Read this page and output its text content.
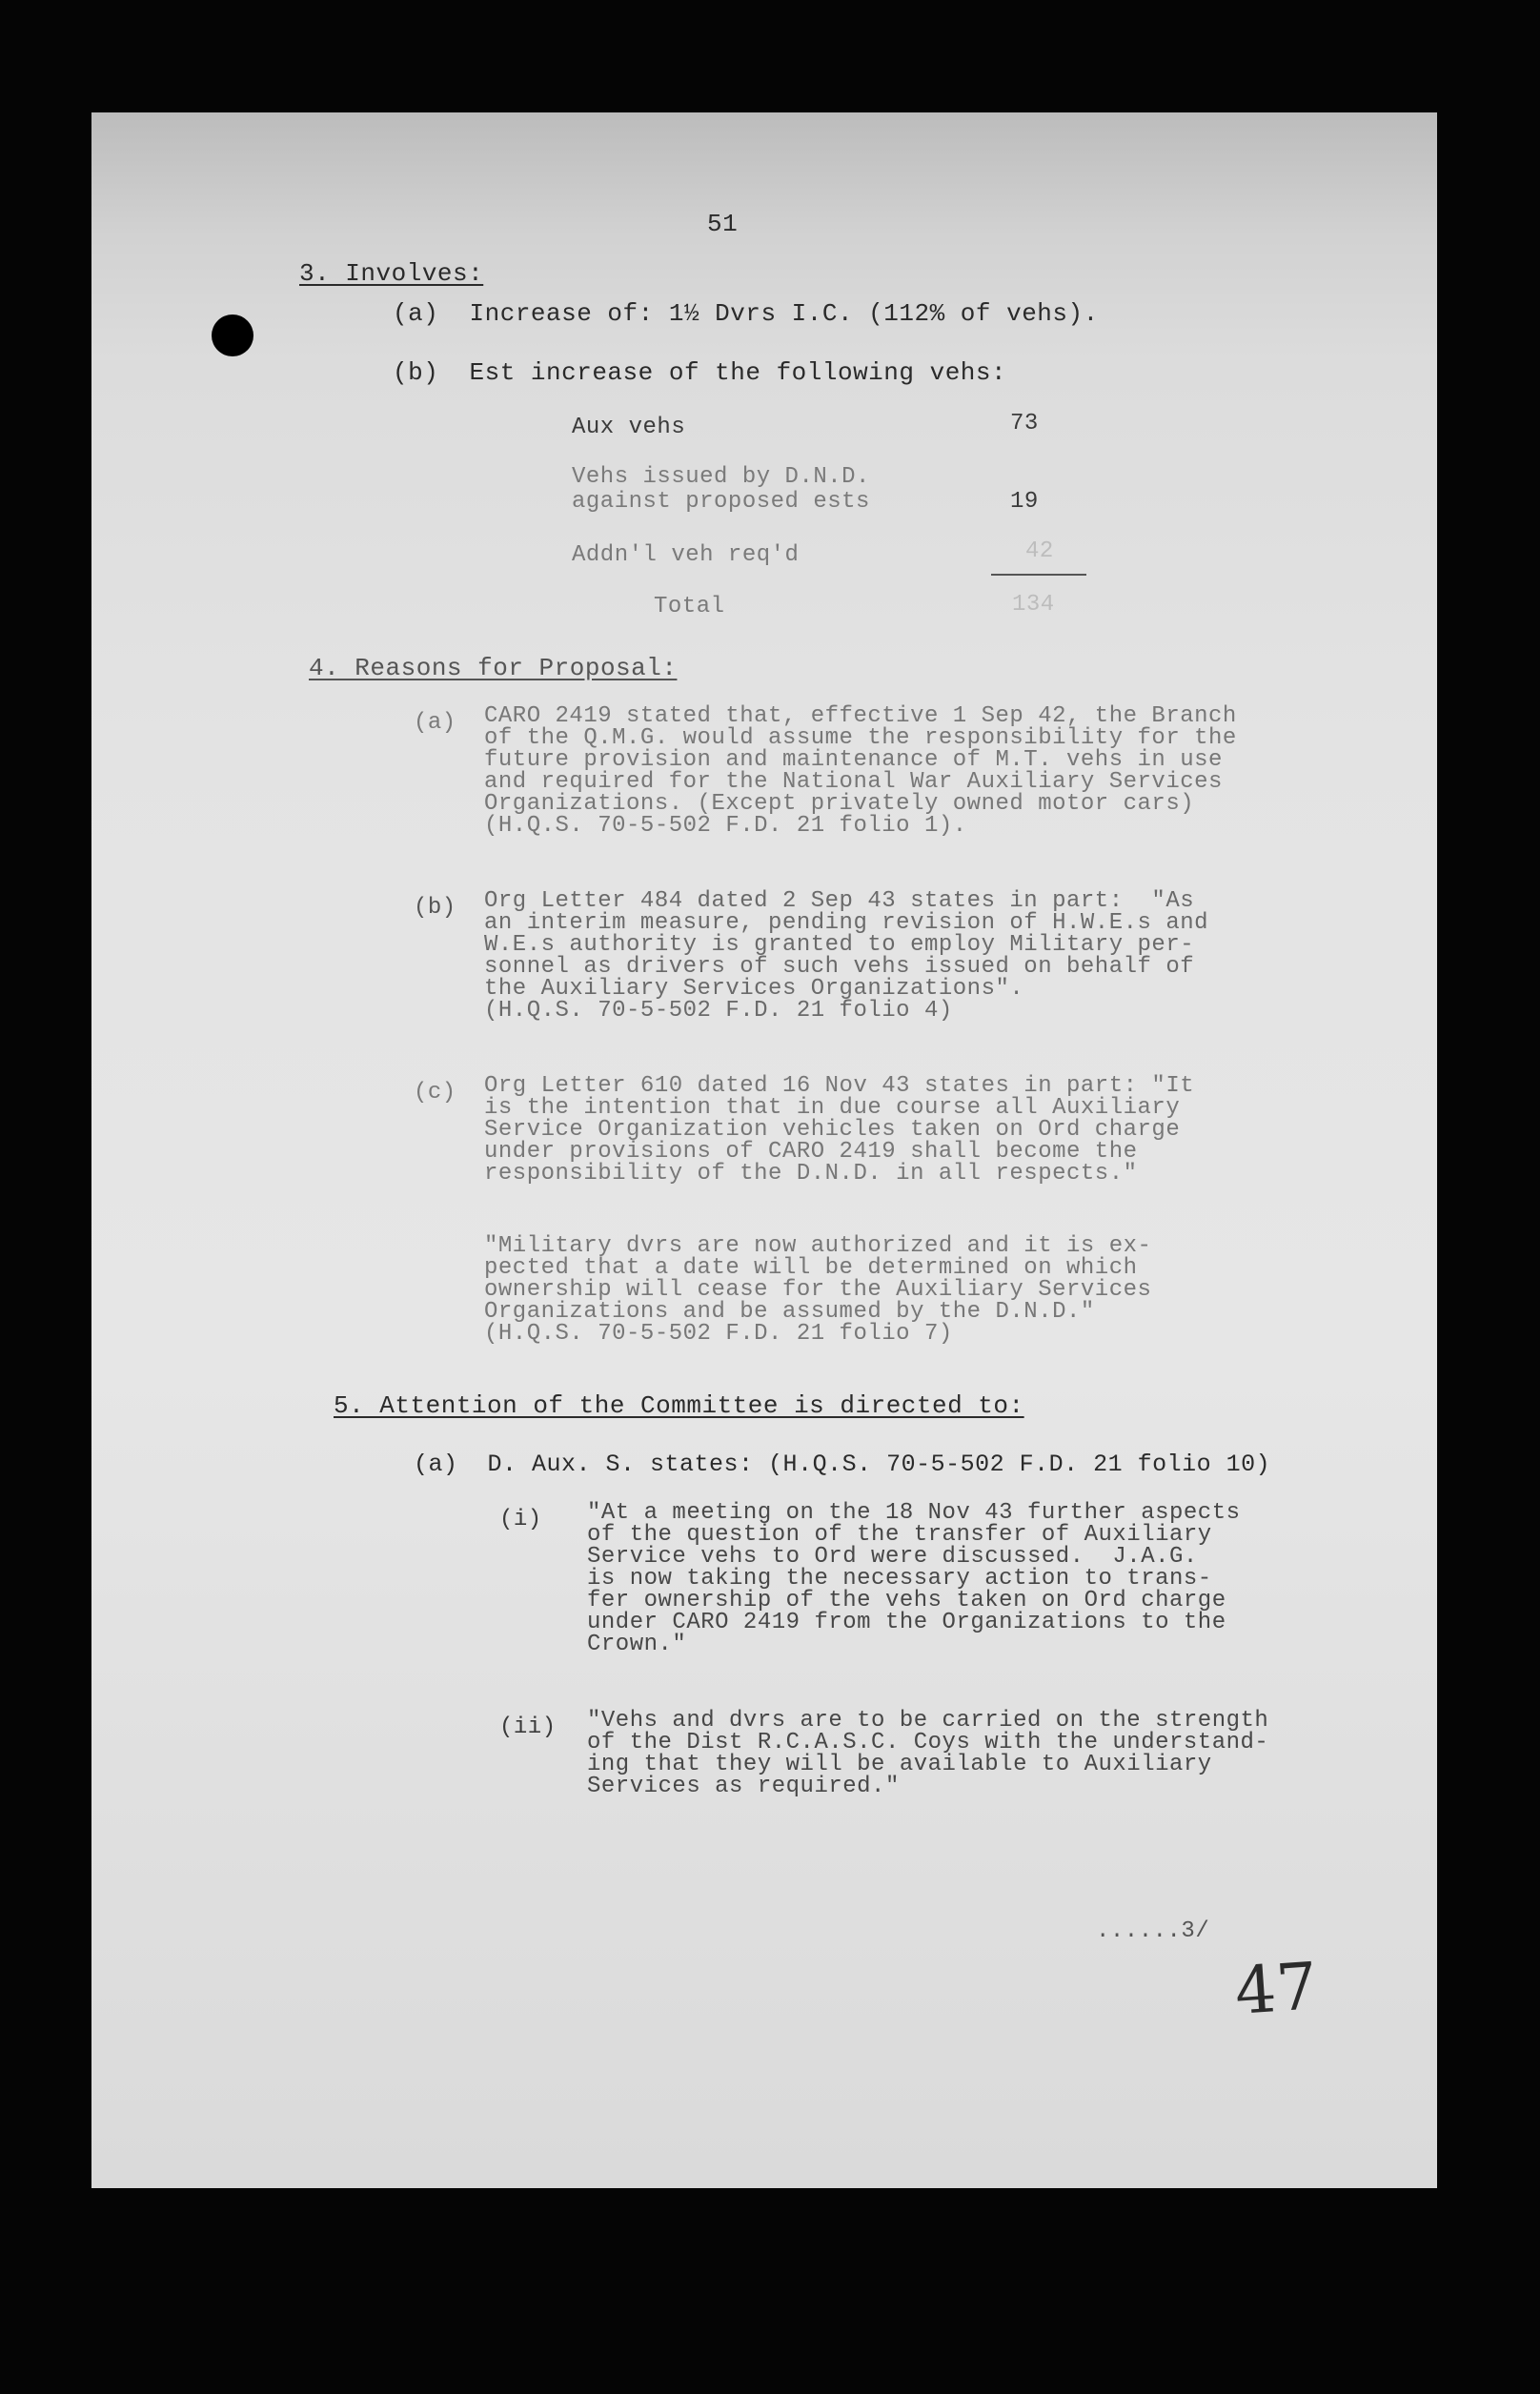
51
3. Involves:
(a)  Increase of: 1½ Dvrs I.C. (112% of vehs).
(b)  Est increase of the following vehs:
Aux vehs	73
Vehs issued by D.N.D.
against proposed ests	19
Addn'l veh req'd	42
Total	134
4. Reasons for Proposal:
(a) CARO 2419 stated that, effective 1 Sep 42, the Branch
of the Q.M.G. would assume the responsibility for the
future provision and maintenance of M.T. vehs in use
and required for the National War Auxiliary Services
Organizations. (Except privately owned motor cars)
(H.Q.S. 70-5-502 F.D. 21 folio 1).
(b) Org Letter 484 dated 2 Sep 43 states in part:  "As
an interim measure, pending revision of H.W.E.s and
W.E.s authority is granted to employ Military per-
sonnel as drivers of such vehs issued on behalf of
the Auxiliary Services Organizations".
(H.Q.S. 70-5-502 F.D. 21 folio 4)
(c) Org Letter 610 dated 16 Nov 43 states in part: "It
is the intention that in due course all Auxiliary
Service Organization vehicles taken on Ord charge
under provisions of CARO 2419 shall become the
responsibility of the D.N.D. in all respects."
"Military dvrs are now authorized and it is ex-
pected that a date will be determined on which
ownership will cease for the Auxiliary Services
Organizations and be assumed by the D.N.D."
(H.Q.S. 70-5-502 F.D. 21 folio 7)
5. Attention of the Committee is directed to:
(a)  D. Aux. S. states: (H.Q.S. 70-5-502 F.D. 21 folio 10)
(i) "At a meeting on the 18 Nov 43 further aspects
of the question of the transfer of Auxiliary
Service vehs to Ord were discussed.  J.A.G.
is now taking the necessary action to trans-
fer ownership of the vehs taken on Ord charge
under CARO 2419 from the Organizations to the
Crown."
(ii) "Vehs and dvrs are to be carried on the strength
of the Dist R.C.A.S.C. Coys with the understand-
ing that they will be available to Auxiliary
Services as required."
......3/
47
